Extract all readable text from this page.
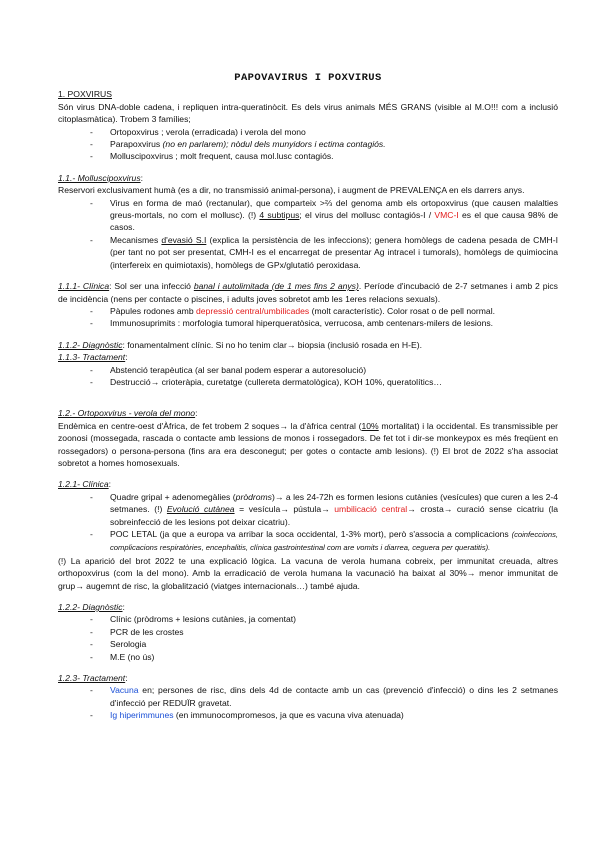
PAPOVAVIRUS I POXVIRUS

1. POXVIRUS

Són virus DNA-doble cadena, i repliquen intra-queratinòcit. Es dels virus animals MÉS GRANS (visible al M.O!!! com a inclusió citoplasmàtica). Trobem 3 famílies;

- Ortopoxvirus ; verola (erradicada) i verola del mono
- Parapoxvirus (no en parlarem); nòdul dels munyidors i ectima contagiós.
- Molluscipoxvirus ; molt frequent, causa mol.lusc contagiós.

1.1.- Molluscipoxvirus:

Reservori exclusivament humà (es a dir, no transmissió animal-persona), i augment de PREVALENÇA en els darrers anys.

- Virus en forma de maó (rectanular), que comparteix >⅔ del genoma amb els ortopoxvirus (que causen malalties greus-mortals, no com el mollusc). (!) 4 subtipus; el virus del mollusc contagiós-I / VMC-I es el que causa 98% de casos.
- Mecanismes d'evasió S.I (explica la persistència de les infeccions); genera homòlegs de cadena pesada de CMH-I (per tant no pot ser presentat, CMH-I es el encarregat de presentar Ag intracel i tumorals), homòlegs de quimiocina (interfereix en quimiotaxis), homòlegs de GPx/glutatió peroxidasa.

1.1.1- Clínica: Sol ser una infecció banal i autolimitada (de 1 mes fins 2 anys). Període d'incubació de 2-7 setmanes i amb 2 pics de incidència (nens per contacte o piscines, i adults joves sobretot amb les 1eres relacions sexuals).

- Pàpules rodones amb depressió central/umbilicades (molt característic). Color rosat o de pell normal.
- Immunosuprimits : morfologia tumoral hiperqueratòsica, verrucosa, amb centenars-milers de lesions.

1.1.2- Diagnòstic: fonamentalment clínic. Si no ho tenim clar→ biopsia (inclusió rosada en H-E).

1.1.3- Tractament:

- Abstenció terapèutica (al ser banal podem esperar a autoresolució)
- Destrucció→ crioteràpia, curetatge (cullereta dermatològica), KOH 10%, queratolítics…

1.2.- Ortopoxvirus - verola del mono:

Endèmica en centre-oest d'Àfrica, de fet trobem 2 soques→ la d'àfrica central (10% mortalitat) i la occidental. Es transmissible per zoonosi (mossegada, rascada o contacte amb lessions de monos i rossegadors. De fet tot i dir-se monkeypox es més freqüent en rossegadors) o persona-persona (fins ara era desconegut; per gotes o contacte amb lesions). (!) El brot de 2022 s'ha associat sobretot a homes homosexuals.

1.2.1- Clínica:

- Quadre gripal + adenomegàlies (pròdroms)→ a les 24-72h es formen lesions cutànies (vesícules) que curen a les 2-4 setmanes. (!) Evolució cutànea = vesícula→ pústula→ umbilicació central→ crosta→ curació sense cicatriu (la sobreinfecció de les lesions pot deixar cicatriu).
- POC LETAL (ja que a europa va arribar la soca occidental, 1-3% mort), però s'associa a complicacions (coinfeccions, complicacions respiratòries, encephalitis, clínica gastrointestinal com are vomits i diarrea, ceguera per queratitis).

(!) La aparició del brot 2022 te una explicació lògica. La vacuna de verola humana cobreix, per immunitat creuada, altres orthopoxvirus (com la del mono). Amb la erradicació de verola humana la vacunació ha baixat al 30%→ menor immunitat de grup→ augemnt de risc, la globalització (viatges internacionals…) també ajuda.

1.2.2- Diagnòstic:

- Clínic (pròdroms + lesions cutànies, ja comentat)
- PCR de les crostes
- Serologia
- M.E (no ús)

1.2.3- Tractament:

- Vacuna en; persones de risc, dins dels 4d de contacte amb un cas (prevenció d'infecció) o dins les 2 setmanes d'infecció per REDUÏR gravetat.
- Ig hiperimmunes (en immunocompromesos, ja que es vacuna viva atenuada)
